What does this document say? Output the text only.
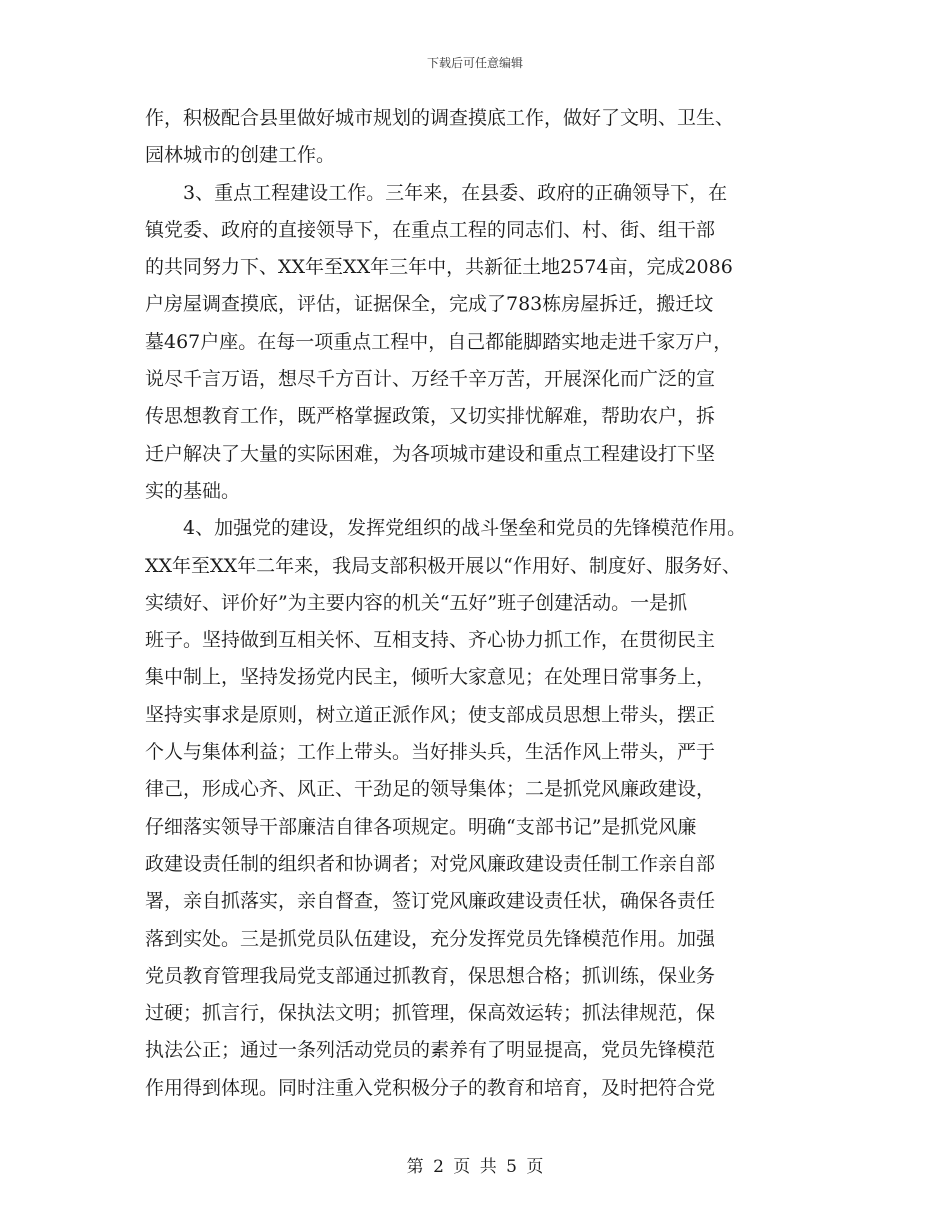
下载后可任意编辑
作，积极配合县里做好城市规划的调查摸底工作，做好了文明、卫生、
园林城市的创建工作。
3、重点工程建设工作。三年来，在县委、政府的正确领导下，在
镇党委、政府的直接领导下，在重点工程的同志们、村、街、组干部
的共同努力下、XX年至XX年三年中，共新征土地2574亩，完成2086
户房屋调查摸底，评估，证据保全，完成了783栋房屋拆迁，搬迁坟
墓467户座。在每一项重点工程中，自己都能脚踏实地走进千家万户，
说尽千言万语，想尽千方百计、万经千辛万苦，开展深化而广泛的宣
传思想教育工作，既严格掌握政策，又切实排忧解难，帮助农户，拆
迁户解决了大量的实际困难，为各项城市建设和重点工程建设打下坚
实的基础。
4、加强党的建设，发挥党组织的战斗堡垒和党员的先锋模范作用。
XX年至XX年二年来，我局支部积极开展以“作用好、制度好、服务好、
实绩好、评价好”为主要内容的机关“五好”班子创建活动。一是抓
班子。坚持做到互相关怀、互相支持、齐心协力抓工作，在贯彻民主
集中制上，坚持发扬党内民主，倾听大家意见；在处理日常事务上，
坚持实事求是原则，树立道正派作风；使支部成员思想上带头，摆正
个人与集体利益；工作上带头。当好排头兵，生活作风上带头，严于
律己，形成心齐、风正、干劲足的领导集体；二是抓党风廉政建设，
仔细落实领导干部廉洁自律各项规定。明确“支部书记”是抓党风廉
政建设责任制的组织者和协调者；对党风廉政建设责任制工作亲自部
署，亲自抓落实，亲自督查，签订党风廉政建设责任状，确保各责任
落到实处。三是抓党员队伍建设，充分发挥党员先锋模范作用。加强
党员教育管理我局党支部通过抓教育，保思想合格；抓训练，保业务
过硬；抓言行，保执法文明；抓管理，保高效运转；抓法律规范，保
执法公正；通过一条列活动党员的素养有了明显提高，党员先锋模范
作用得到体现。同时注重入党积极分子的教育和培育，及时把符合党
第 2 页 共 5 页
